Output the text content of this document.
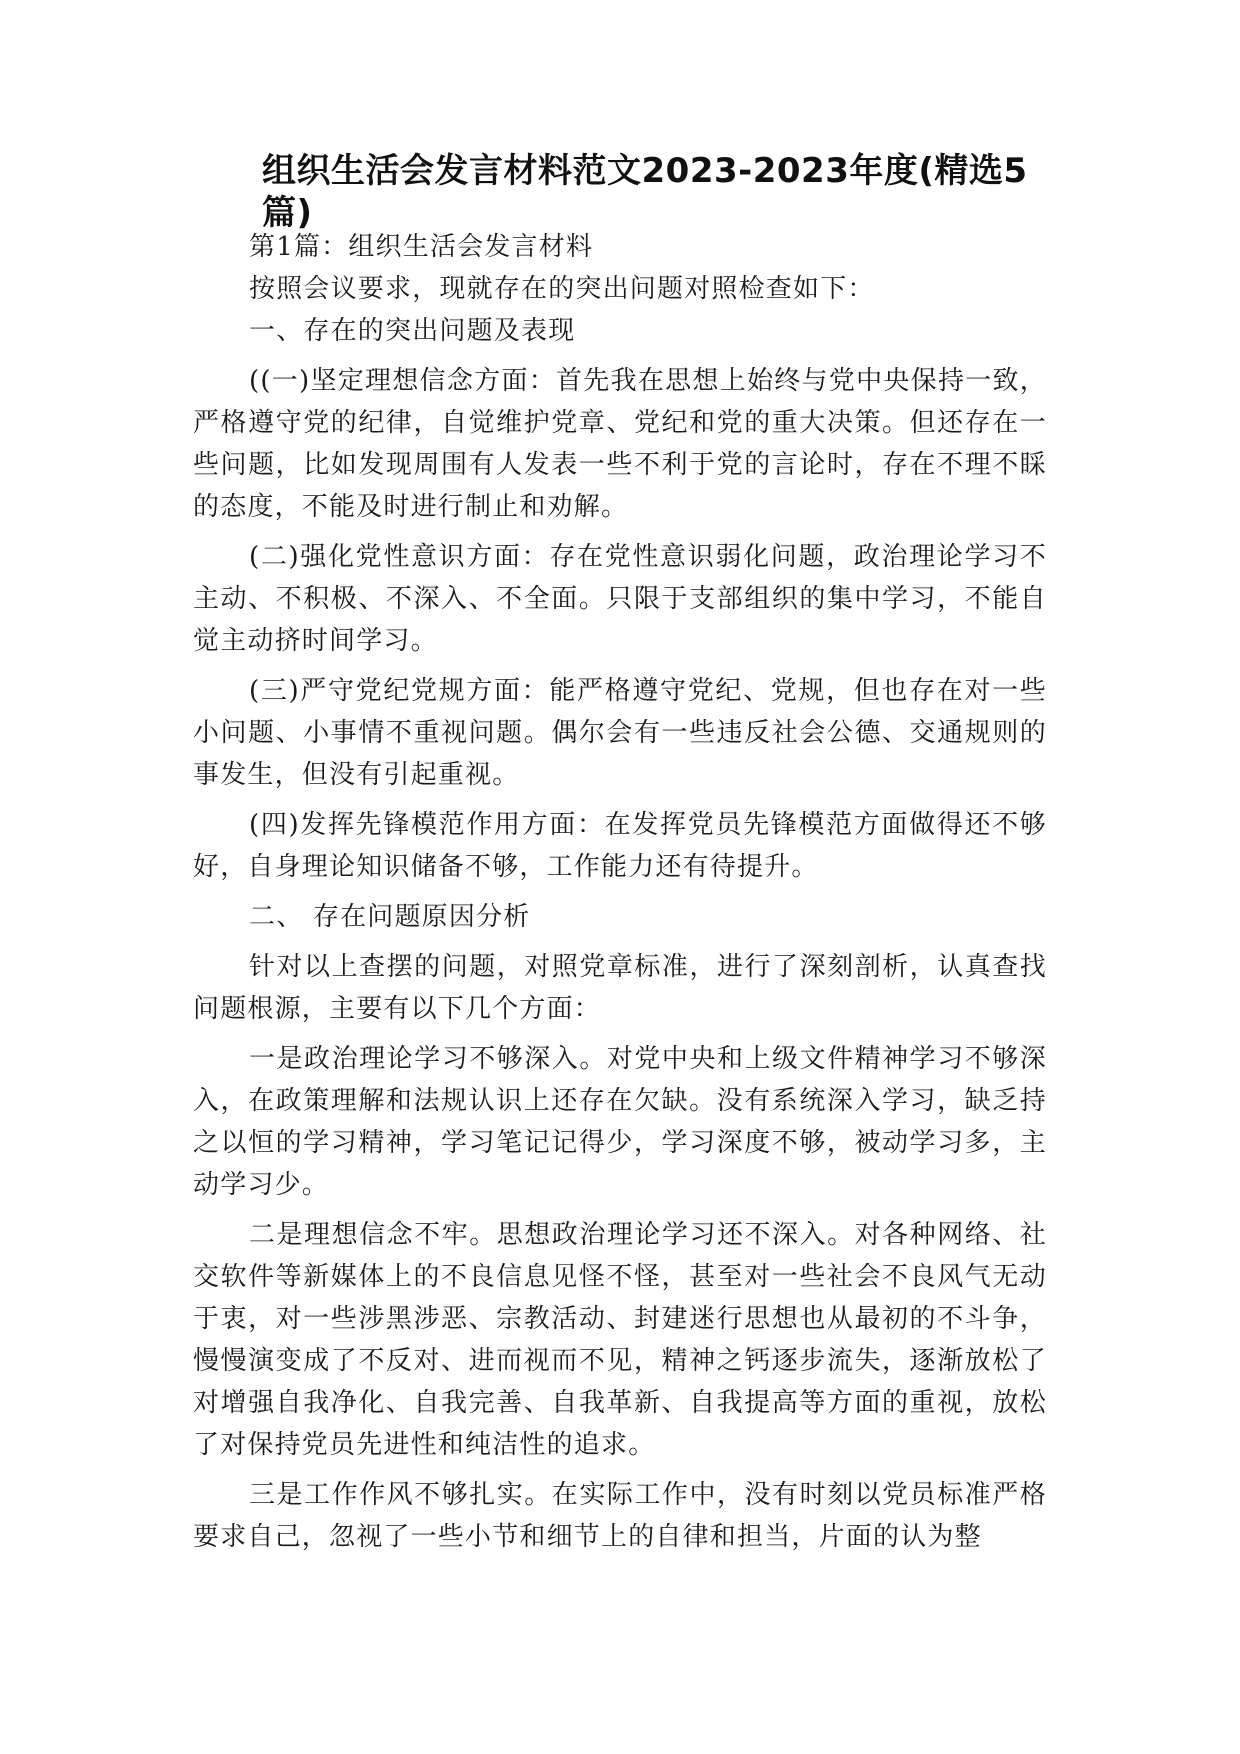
组织生活会发言材料范文2023-2023年度(精选5篇)

第1篇：组织生活会发言材料

按照会议要求，现就存在的突出问题对照检查如下：

一、存在的突出问题及表现

((一)坚定理想信念方面：首先我在思想上始终与党中央保持一致，严格遵守党的纪律，自觉维护党章、党纪和党的重大决策。但还存在一些问题，比如发现周围有人发表一些不利于党的言论时，存在不理不睬的态度，不能及时进行制止和劝解。

(二)强化党性意识方面：存在党性意识弱化问题，政治理论学习不主动、不积极、不深入、不全面。只限于支部组织的集中学习，不能自觉主动挤时间学习。

(三)严守党纪党规方面：能严格遵守党纪、党规，但也存在对一些小问题、小事情不重视问题。偶尔会有一些违反社会公德、交通规则的事发生，但没有引起重视。

(四)发挥先锋模范作用方面：在发挥党员先锋模范方面做得还不够好，自身理论知识储备不够，工作能力还有待提升。

二、 存在问题原因分析

针对以上查摆的问题，对照党章标准，进行了深刻剖析，认真查找问题根源，主要有以下几个方面：

一是政治理论学习不够深入。对党中央和上级文件精神学习不够深入，在政策理解和法规认识上还存在欠缺。没有系统深入学习，缺乏持之以恒的学习精神，学习笔记记得少，学习深度不够，被动学习多，主动学习少。

二是理想信念不牢。思想政治理论学习还不深入。对各种网络、社交软件等新媒体上的不良信息见怪不怪，甚至对一些社会不良风气无动于衷，对一些涉黑涉恶、宗教活动、封建迷行思想也从最初的不斗争，慢慢演变成了不反对、进而视而不见，精神之钙逐步流失，逐渐放松了对增强自我净化、自我完善、自我革新、自我提高等方面的重视，放松了对保持党员先进性和纯洁性的追求。

三是工作作风不够扎实。在实际工作中，没有时刻以党员标准严格要求自己，忽视了一些小节和细节上的自律和担当，片面的认为整
